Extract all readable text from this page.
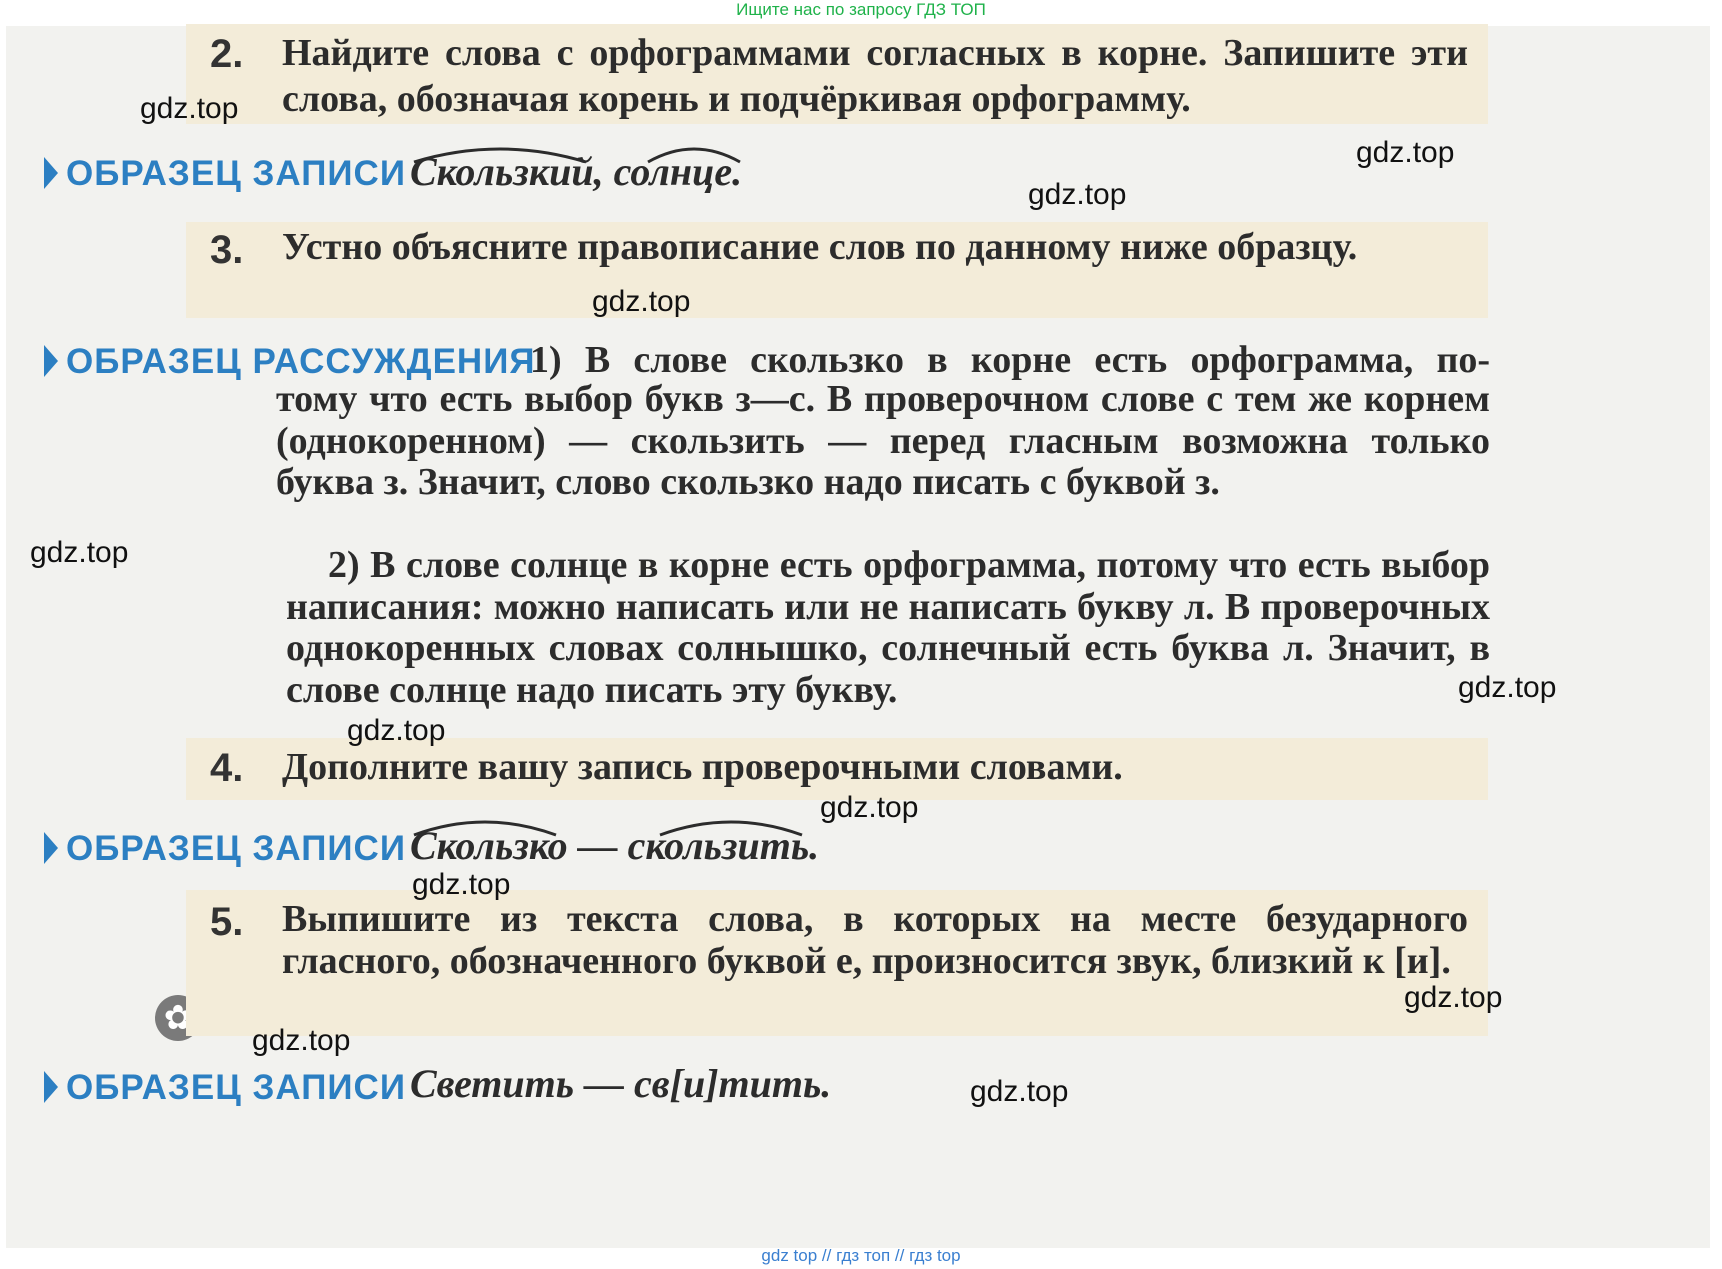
Ищите нас по запросу ГДЗ ТОП
2. Найдите слова с орфограммами согласных в корне. Запишите эти слова, обозначая корень и подчёркивая орфограмму.
ОБРАЗЕЦ ЗАПИСИ Скользкий, солнце.
3. Устно объясните правописание слов по данному ниже образцу.
ОБРАЗЕЦ РАССУЖДЕНИЯ
1) В слове скользко в корне есть орфограмма, по-
тому что есть выбор букв з—с. В проверочном слове с тем же корнем (однокоренном) — скользить — перед гласным возможна только буква з. Значит, слово скользко надо писать с буквой з.
2) В слове солнце в корне есть орфограмма, потому что есть выбор написания: можно написать или не написать букву л. В проверочных однокоренных словах солнышко, солнечный есть буква л. Значит, в слове солнце надо писать эту букву.
4. Дополните вашу запись проверочными словами.
ОБРАЗЕЦ ЗАПИСИ Скользко — скользить.
✿
5. Выпишите из текста слова, в которых на месте безударного гласного, обозначенного буквой е, произносится звук, близкий к [и].
ОБРАЗЕЦ ЗАПИСИ Светить — св[и]тить.
gdz.top
gdz.top
gdz.top
gdz.top
gdz.top
gdz.top
gdz.top
gdz.top
gdz.top
gdz.top
gdz.top
gdz.top
gdz top // гдз топ // гдз top
